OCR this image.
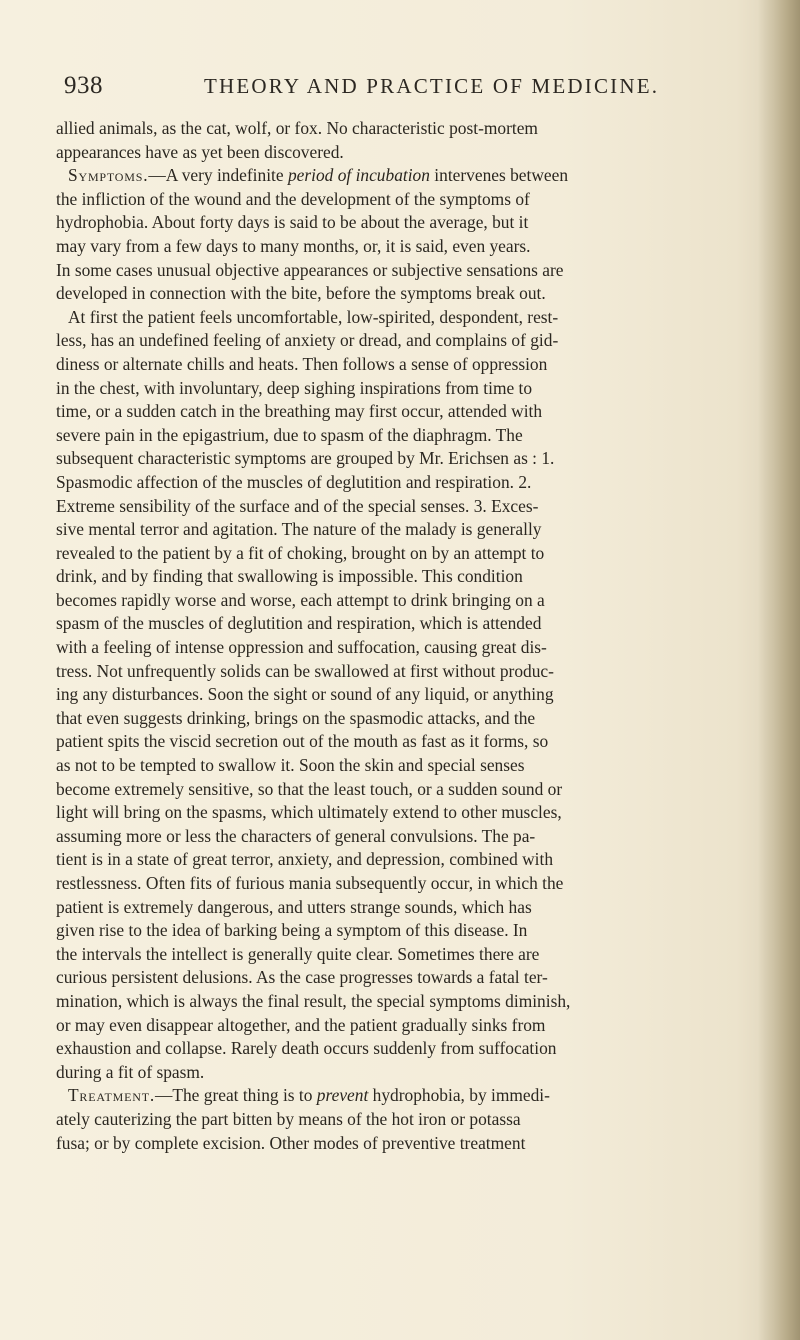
938	THEORY AND PRACTICE OF MEDICINE.
allied animals, as the cat, wolf, or fox. No characteristic post-mortem
appearances have as yet been discovered.
Symptoms.—A very indefinite period of incubation intervenes between
the infliction of the wound and the development of the symptoms of
hydrophobia. About forty days is said to be about the average, but it
may vary from a few days to many months, or, it is said, even years.
In some cases unusual objective appearances or subjective sensations are
developed in connection with the bite, before the symptoms break out.
At first the patient feels uncomfortable, low-spirited, despondent, rest-
less, has an undefined feeling of anxiety or dread, and complains of gid-
diness or alternate chills and heats. Then follows a sense of oppression
in the chest, with involuntary, deep sighing inspirations from time to
time, or a sudden catch in the breathing may first occur, attended with
severe pain in the epigastrium, due to spasm of the diaphragm. The
subsequent characteristic symptoms are grouped by Mr. Erichsen as : 1.
Spasmodic affection of the muscles of deglutition and respiration. 2.
Extreme sensibility of the surface and of the special senses. 3. Exces-
sive mental terror and agitation. The nature of the malady is generally
revealed to the patient by a fit of choking, brought on by an attempt to
drink, and by finding that swallowing is impossible. This condition
becomes rapidly worse and worse, each attempt to drink bringing on a
spasm of the muscles of deglutition and respiration, which is attended
with a feeling of intense oppression and suffocation, causing great dis-
tress. Not unfrequently solids can be swallowed at first without produc-
ing any disturbances. Soon the sight or sound of any liquid, or anything
that even suggests drinking, brings on the spasmodic attacks, and the
patient spits the viscid secretion out of the mouth as fast as it forms, so
as not to be tempted to swallow it. Soon the skin and special senses
become extremely sensitive, so that the least touch, or a sudden sound or
light will bring on the spasms, which ultimately extend to other muscles,
assuming more or less the characters of general convulsions. The pa-
tient is in a state of great terror, anxiety, and depression, combined with
restlessness. Often fits of furious mania subsequently occur, in which the
patient is extremely dangerous, and utters strange sounds, which has
given rise to the idea of barking being a symptom of this disease. In
the intervals the intellect is generally quite clear. Sometimes there are
curious persistent delusions. As the case progresses towards a fatal ter-
mination, which is always the final result, the special symptoms diminish,
or may even disappear altogether, and the patient gradually sinks from
exhaustion and collapse. Rarely death occurs suddenly from suffocation
during a fit of spasm.
Treatment.—The great thing is to prevent hydrophobia, by immedi-
ately cauterizing the part bitten by means of the hot iron or potassa
fusa; or by complete excision. Other modes of preventive treatment
